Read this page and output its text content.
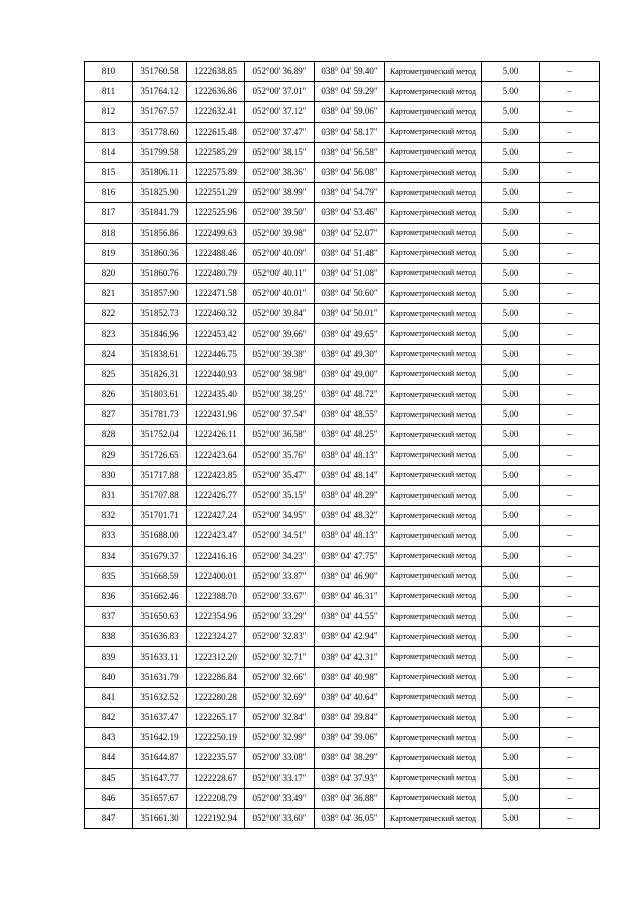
810	351760.58	1222638.85	052°00' 36.89"	038° 04' 59.40"	Картометрический метод	5.00	–
811	351764.12	1222636.86	052°00' 37.01"	038° 04' 59.29"	Картометрический метод	5.00	–
812	351767.57	1222632.41	052°00' 37.12"	038° 04' 59.06"	Картометрический метод	5.00	–
813	351778.60	1222615.48	052°00' 37.47"	038° 04' 58.17"	Картометрический метод	5.00	–
814	351799.58	1222585.29	052°00' 38.15"	038° 04' 56.58"	Картометрический метод	5.00	–
815	351806.11	1222575.89	052°00' 38.36"	038° 04' 56.08"	Картометрический метод	5.00	–
816	351825.90	1222551.29	052°00' 38.99"	038° 04' 54.79"	Картометрический метод	5.00	–
817	351841.79	1222525.96	052°00' 39.50"	038° 04' 53.46"	Картометрический метод	5.00	–
818	351856.86	1222499.63	052°00' 39.98"	038° 04' 52.07"	Картометрический метод	5.00	–
819	351860.36	1222488.46	052°00' 40.09"	038° 04' 51.48"	Картометрический метод	5.00	–
820	351860.76	1222480.79	052°00' 40.11"	038° 04' 51.08"	Картометрический метод	5.00	–
821	351857.90	1222471.58	052°00' 40.01"	038° 04' 50.60"	Картометрический метод	5.00	–
822	351852.73	1222460.32	052°00' 39.84"	038° 04' 50.01"	Картометрический метод	5.00	–
823	351846.96	1222453.42	052°00' 39.66"	038° 04' 49.65"	Картометрический метод	5.00	–
824	351838.61	1222446.75	052°00' 39.38"	038° 04' 49.30"	Картометрический метод	5.00	–
825	351826.31	1222440.93	052°00' 38.98"	038° 04' 49.00"	Картометрический метод	5.00	–
826	351803.61	1222435.40	052°00' 38.25"	038° 04' 48.72"	Картометрический метод	5.00	–
827	351781.73	1222431.96	052°00' 37.54"	038° 04' 48.55"	Картометрический метод	5.00	–
828	351752.04	1222426.11	052°00' 36.58"	038° 04' 48.25"	Картометрический метод	5.00	–
829	351726.65	1222423.64	052°00' 35.76"	038° 04' 48.13"	Картометрический метод	5.00	–
830	351717.88	1222423.85	052°00' 35.47"	038° 04' 48.14"	Картометрический метод	5.00	–
831	351707.88	1222426.77	052°00' 35.15"	038° 04' 48.29"	Картометрический метод	5.00	–
832	351701.71	1222427.24	052°00' 34.95"	038° 04' 48.32"	Картометрический метод	5.00	–
833	351688.00	1222423.47	052°00' 34.51"	038° 04' 48.13"	Картометрический метод	5.00	–
834	351679.37	1222416.16	052°00' 34.23"	038° 04' 47.75"	Картометрический метод	5.00	–
835	351668.59	1222400.01	052°00' 33.87"	038° 04' 46.90"	Картометрический метод	5.00	–
836	351662.46	1222388.70	052°00' 33.67"	038° 04' 46.31"	Картометрический метод	5.00	–
837	351650.63	1222354.96	052°00' 33.29"	038° 04' 44.55"	Картометрический метод	5.00	–
838	351636.83	1222324.27	052°00' 32.83"	038° 04' 42.94"	Картометрический метод	5.00	–
839	351633.11	1222312.20	052°00' 32.71"	038° 04' 42.31"	Картометрический метод	5.00	–
840	351631.79	1222286.84	052°00' 32.66"	038° 04' 40.98"	Картометрический метод	5.00	–
841	351632.52	1222280.28	052°00' 32.69"	038° 04' 40.64"	Картометрический метод	5.00	–
842	351637.47	1222265.17	052°00' 32.84"	038° 04' 39.84"	Картометрический метод	5.00	–
843	351642.19	1222250.19	052°00' 32.99"	038° 04' 39.06"	Картометрический метод	5.00	–
844	351644.87	1222235.57	052°00' 33.08"	038° 04' 38.29"	Картометрический метод	5.00	–
845	351647.77	1222228.67	052°00' 33.17"	038° 04' 37.93"	Картометрический метод	5.00	–
846	351657.67	1222208.79	052°00' 33.49"	038° 04' 36.88"	Картометрический метод	5.00	–
847	351661.30	1222192.94	052°00' 33.60"	038° 04' 36.05"	Картометрический метод	5.00	–
